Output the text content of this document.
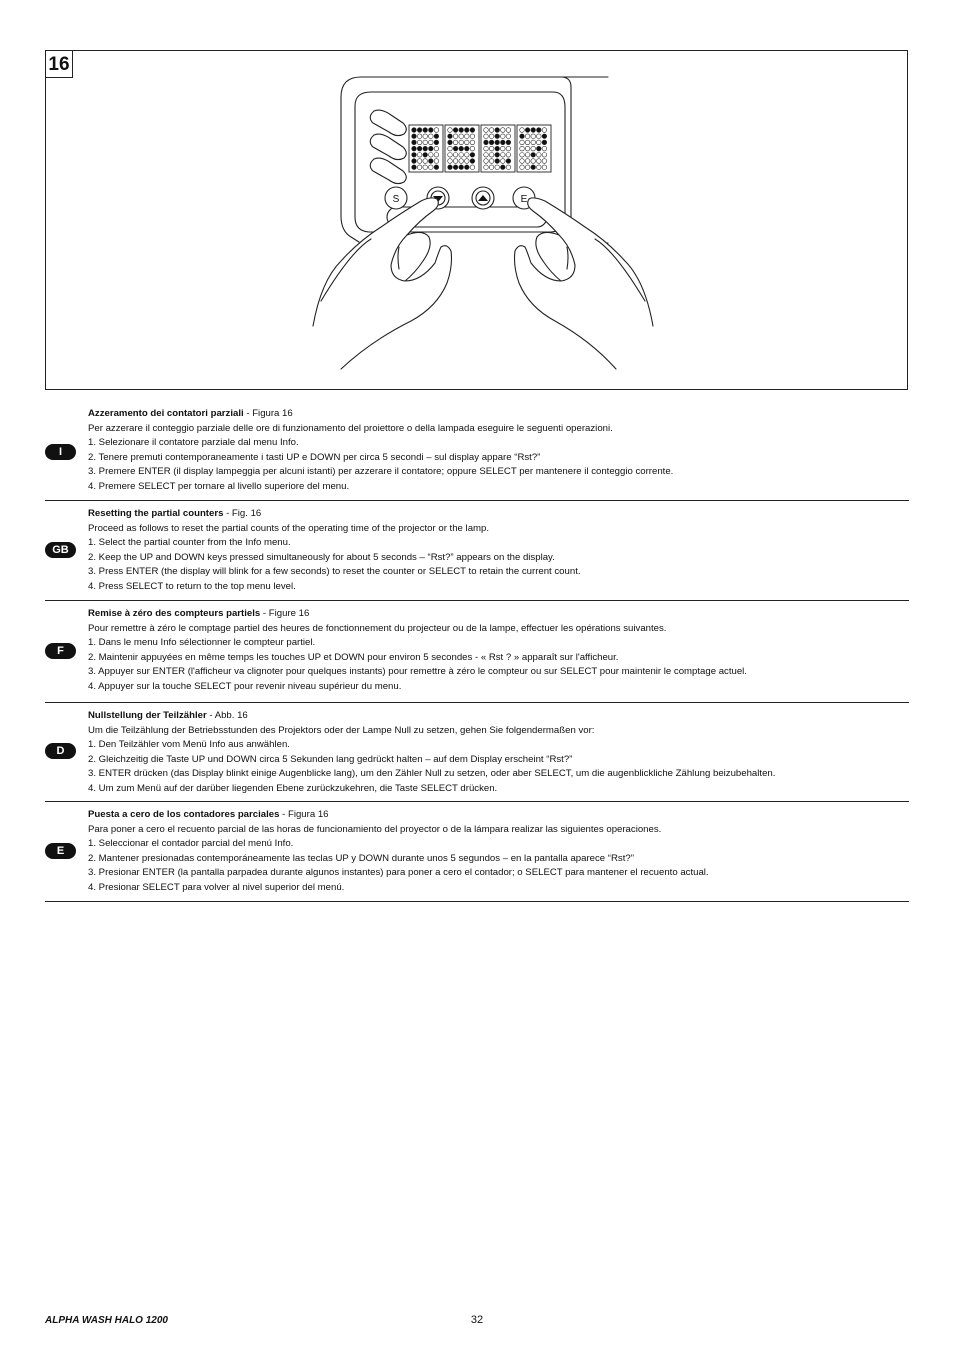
16
S	E
I

Azzeramento dei contatori parziali - Figura 16

Per azzerare il conteggio parziale delle ore di funzionamento del proiettore o della lampada eseguire le seguenti operazioni.

1. Selezionare il contatore parziale dal menu Info.

2. Tenere premuti contemporaneamente i tasti UP e DOWN per circa 5 secondi – sul display appare “Rst?”

3. Premere ENTER (il display lampeggia per alcuni istanti) per azzerare il contatore; oppure SELECT per mantenere il conteggio corrente.

4. Premere SELECT per tornare al livello superiore del menu.

GB

Resetting the partial counters - Fig. 16

Proceed as follows to reset the partial counts of the operating time of the projector or the lamp.

1. Select the partial counter from the Info menu.

2. Keep the UP and DOWN keys pressed simultaneously for about 5 seconds – “Rst?” appears on the display.

3. Press ENTER (the display will blink for a few seconds) to reset the counter or SELECT to retain the current count.

4. Press SELECT to return to the top menu level.

F

Remise à zéro des compteurs partiels - Figure 16

Pour remettre à zéro le comptage partiel des heures de fonctionnement du projecteur ou de la lampe, effectuer les opérations suivantes.

1. Dans le menu Info sélectionner le compteur partiel.

2. Maintenir appuyées en même temps les touches UP et DOWN pour environ 5 secondes - « Rst ? » apparaît sur l'afficheur.

3. Appuyer sur ENTER (l'afficheur va clignoter pour quelques instants) pour remettre à zéro le compteur ou sur SELECT pour maintenir le comptage actuel.

4. Appuyer sur la touche SELECT pour revenir niveau supérieur du menu.

D

Nullstellung der Teilzähler - Abb. 16

Um die Teilzählung der Betriebsstunden des Projektors oder der Lampe Null zu setzen, gehen Sie folgendermaßen vor:

1. Den Teilzähler vom Menü Info aus anwählen.

2. Gleichzeitig die Taste UP und DOWN circa 5 Sekunden lang gedrückt halten – auf dem Display erscheint “Rst?”

3. ENTER drücken (das Display blinkt einige Augenblicke lang), um den Zähler Null zu setzen, oder aber SELECT, um die augenblickliche Zählung beizubehalten.

4. Um zum Menü auf der darüber liegenden Ebene zurückzukehren, die Taste SELECT drücken.

E

Puesta a cero de los contadores parciales - Figura 16

Para poner a cero el recuento parcial de las horas de funcionamiento del proyector o de la lámpara realizar las siguientes operaciones.

1. Seleccionar el contador parcial del menú Info.

2. Mantener presionadas contemporáneamente las teclas UP y DOWN durante unos 5 segundos – en la pantalla aparece “Rst?”

3. Presionar ENTER (la pantalla parpadea durante algunos instantes) para poner a cero el contador; o SELECT para mantener el recuento actual.

4. Presionar SELECT para volver al nivel superior del menú.

ALPHA WASH HALO 1200	32
